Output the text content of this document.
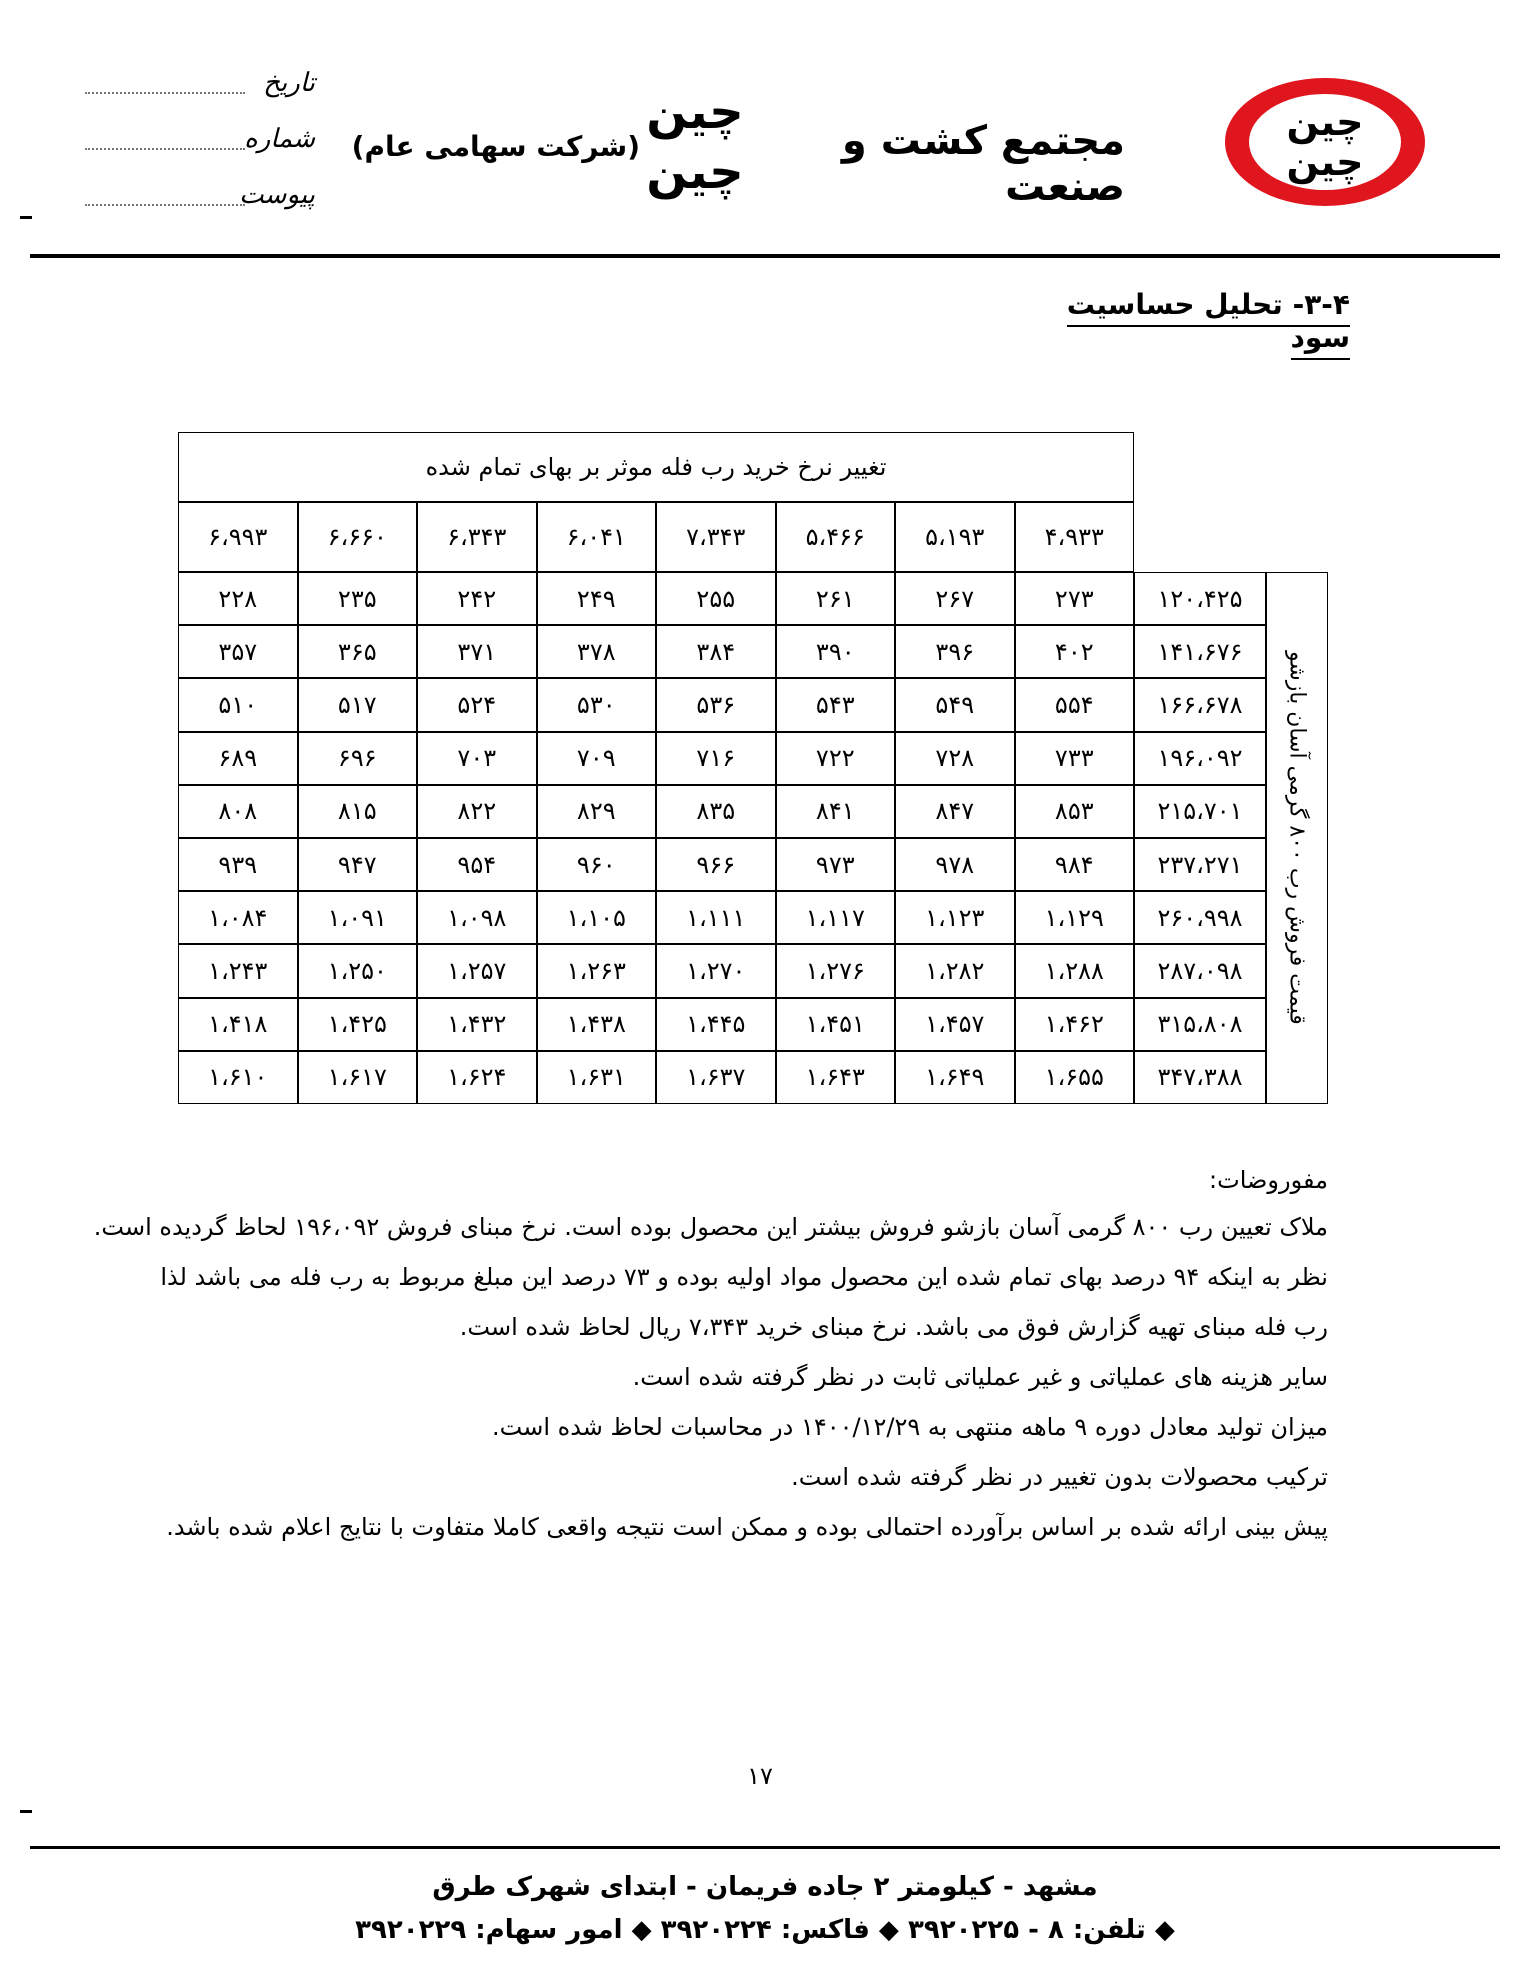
چین
چین
مجتمع کشت و صنعت
چین
چین
(شرکت سهامی عام)
تاریخ
شماره
پیوست
۳-۴- تحلیل حساسیت سود
تغییر نرخ خرید رب فله موثر بر بهای تمام شده
۴،۹۳۳
۵،۱۹۳
۵،۴۶۶
۷،۳۴۳
۶،۰۴۱
۶،۳۴۳
۶،۶۶۰
۶،۹۹۳
قیمت فروش رب ۸۰۰ گرمی آسان بازشو
۱۲۰،۴۲۵
۲۷۳
۲۶۷
۲۶۱
۲۵۵
۲۴۹
۲۴۲
۲۳۵
۲۲۸
۱۴۱،۶۷۶
۴۰۲
۳۹۶
۳۹۰
۳۸۴
۳۷۸
۳۷۱
۳۶۵
۳۵۷
۱۶۶،۶۷۸
۵۵۴
۵۴۹
۵۴۳
۵۳۶
۵۳۰
۵۲۴
۵۱۷
۵۱۰
۱۹۶،۰۹۲
۷۳۳
۷۲۸
۷۲۲
۷۱۶
۷۰۹
۷۰۳
۶۹۶
۶۸۹
۲۱۵،۷۰۱
۸۵۳
۸۴۷
۸۴۱
۸۳۵
۸۲۹
۸۲۲
۸۱۵
۸۰۸
۲۳۷،۲۷۱
۹۸۴
۹۷۸
۹۷۳
۹۶۶
۹۶۰
۹۵۴
۹۴۷
۹۳۹
۲۶۰،۹۹۸
۱،۱۲۹
۱،۱۲۳
۱،۱۱۷
۱،۱۱۱
۱،۱۰۵
۱،۰۹۸
۱،۰۹۱
۱،۰۸۴
۲۸۷،۰۹۸
۱،۲۸۸
۱،۲۸۲
۱،۲۷۶
۱،۲۷۰
۱،۲۶۳
۱،۲۵۷
۱،۲۵۰
۱،۲۴۳
۳۱۵،۸۰۸
۱،۴۶۲
۱،۴۵۷
۱،۴۵۱
۱،۴۴۵
۱،۴۳۸
۱،۴۳۲
۱،۴۲۵
۱،۴۱۸
۳۴۷،۳۸۸
۱،۶۵۵
۱،۶۴۹
۱،۶۴۳
۱،۶۳۷
۱،۶۳۱
۱،۶۲۴
۱،۶۱۷
۱،۶۱۰
مفوروضات:
ملاک تعیین رب ۸۰۰ گرمی آسان بازشو فروش بیشتر این محصول بوده است. نرخ مبنای فروش ۱۹۶،۰۹۲ لحاظ گردیده است.
نظر به اینکه ۹۴ درصد بهای تمام شده این محصول مواد اولیه بوده و ۷۳ درصد این مبلغ مربوط به رب فله می باشد لذا
رب فله مبنای تهیه گزارش فوق می باشد. نرخ مبنای خرید ۷،۳۴۳ ریال لحاظ شده است.
سایر هزینه های عملیاتی و غیر عملیاتی ثابت در نظر گرفته شده است.
میزان تولید معادل دوره ۹ ماهه منتهی به ۱۴۰۰/۱۲/۲۹ در محاسبات لحاظ شده است.
ترکیب محصولات بدون تغییر در نظر گرفته شده است.
پیش بینی ارائه شده بر اساس برآورده احتمالی بوده و ممکن است نتیجه واقعی کاملا متفاوت با نتایج اعلام شده باشد.
۱۷
مشهد - کیلومتر ۲ جاده فریمان - ابتدای شهرک طرق
◆ تلفن: ۸ - ۳۹۲۰۲۲۵ ◆ فاکس: ۳۹۲۰۲۲۴ ◆ امور سهام: ۳۹۲۰۲۲۹
